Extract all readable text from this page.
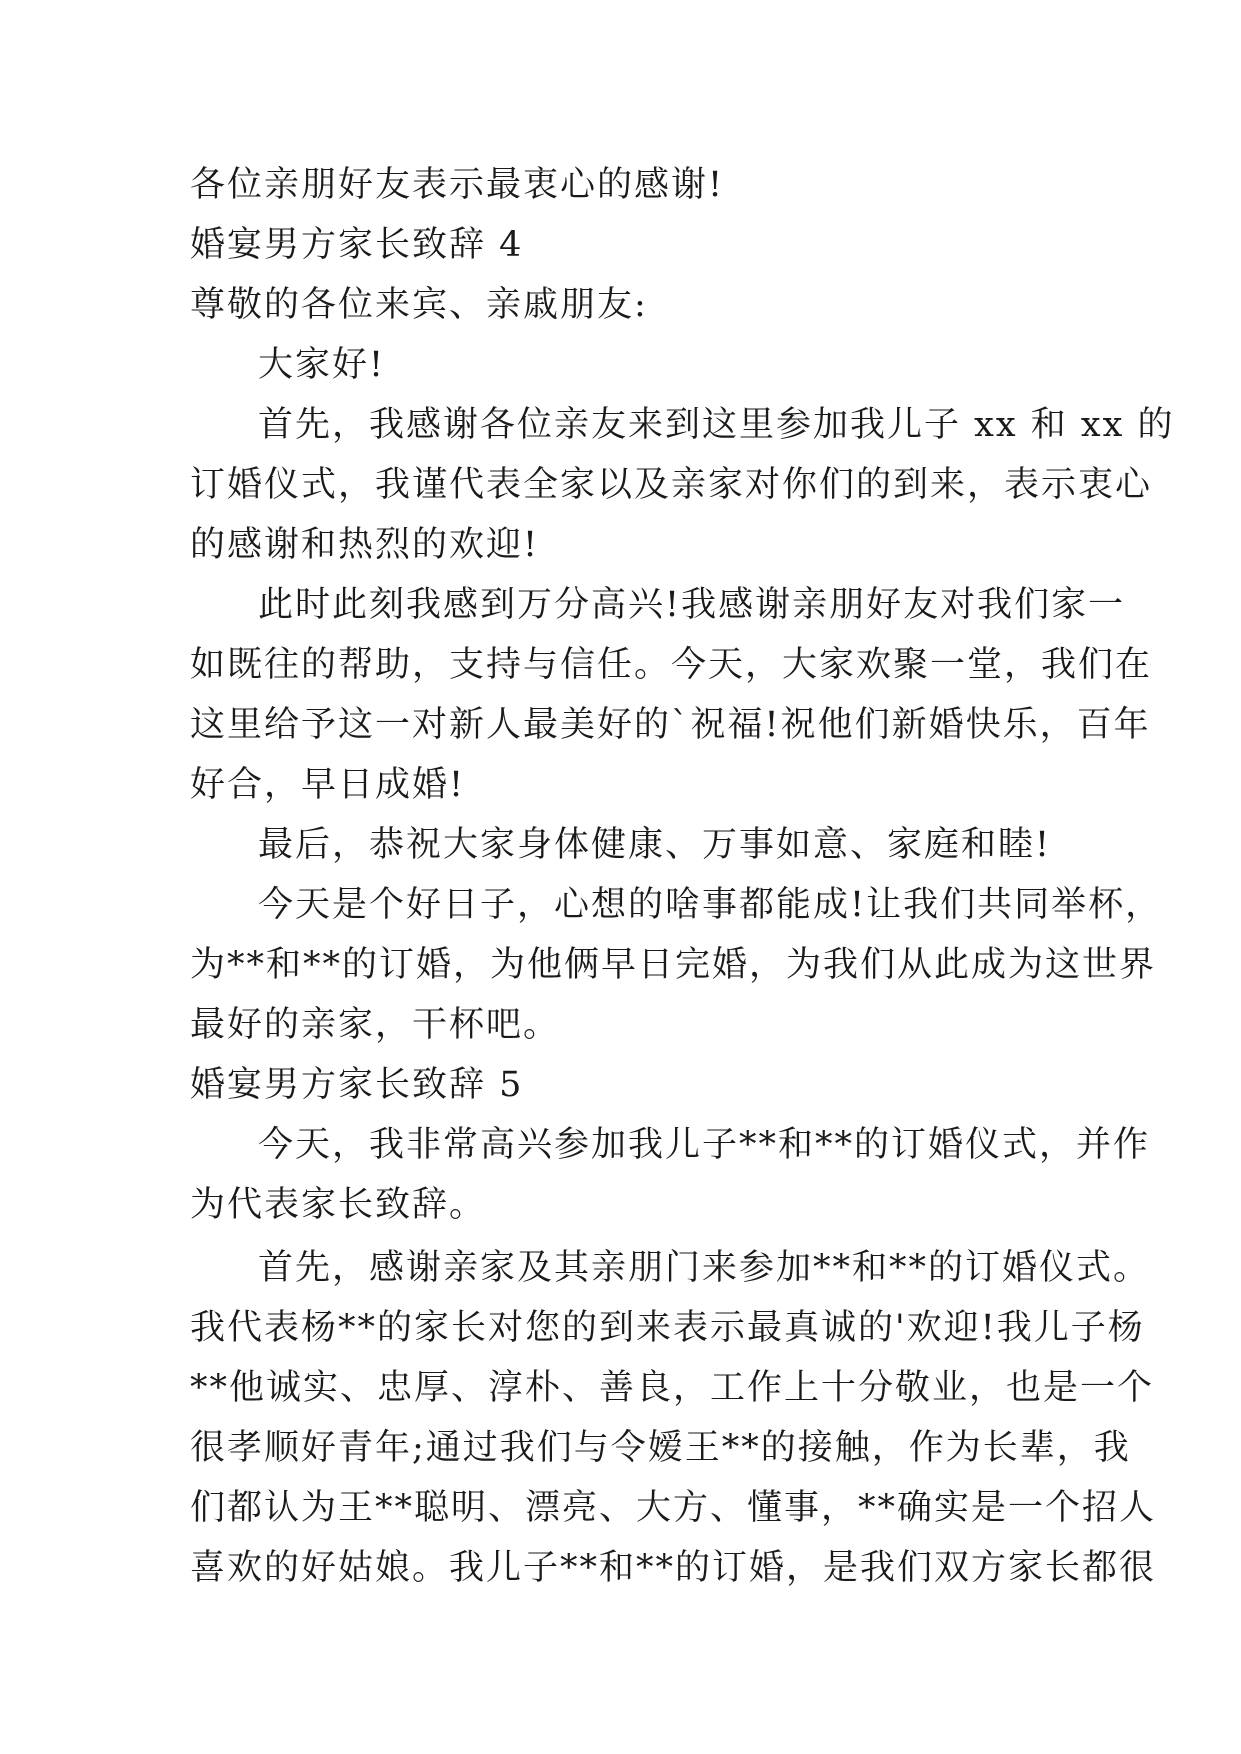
各位亲朋好友表示最衷心的感谢!
婚宴男方家长致辞 4
尊敬的各位来宾、亲戚朋友:
大家好!
首先，我感谢各位亲友来到这里参加我儿子 xx 和 xx 的
订婚仪式，我谨代表全家以及亲家对你们的到来，表示衷心
的感谢和热烈的欢迎!
此时此刻我感到万分高兴!我感谢亲朋好友对我们家一
如既往的帮助，支持与信任。今天，大家欢聚一堂，我们在
这里给予这一对新人最美好的`祝福!祝他们新婚快乐，百年
好合，早日成婚!
最后，恭祝大家身体健康、万事如意、家庭和睦!
今天是个好日子，心想的啥事都能成!让我们共同举杯，
为**和**的订婚，为他俩早日完婚，为我们从此成为这世界
最好的亲家，干杯吧。
婚宴男方家长致辞 5
今天，我非常高兴参加我儿子**和**的订婚仪式，并作
为代表家长致辞。
首先，感谢亲家及其亲朋门来参加**和**的订婚仪式。
我代表杨**的家长对您的到来表示最真诚的'欢迎!我儿子杨
**他诚实、忠厚、淳朴、善良，工作上十分敬业，也是一个
很孝顺好青年;通过我们与令嫒王**的接触，作为长辈，我
们都认为王**聪明、漂亮、大方、懂事，**确实是一个招人
喜欢的好姑娘。我儿子**和**的订婚，是我们双方家长都很
